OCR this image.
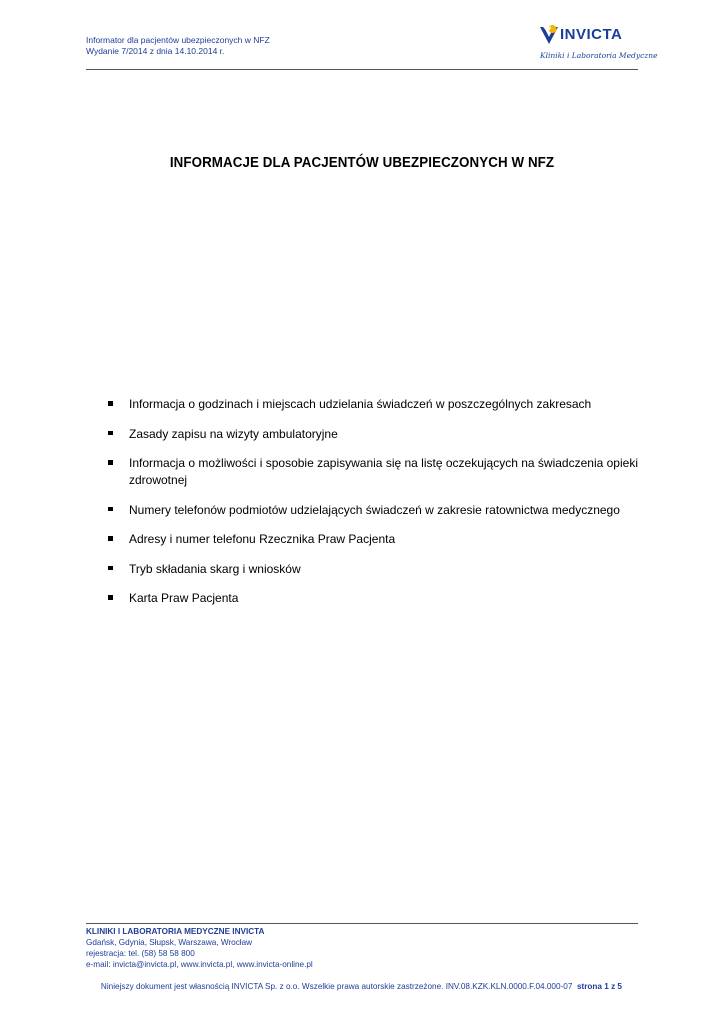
Informator dla pacjentów ubezpieczonych w NFZ
Wydanie 7/2014 z dnia 14.10.2014 r.
INVICTA
Kliniki i Laboratoria Medyczne
INFORMACJE DLA PACJENTÓW UBEZPIECZONYCH W NFZ
Informacja o godzinach i miejscach udzielania świadczeń w poszczególnych zakresach
Zasady zapisu na wizyty ambulatoryjne
Informacja o możliwości i sposobie zapisywania się na listę oczekujących na świadczenia opieki zdrowotnej
Numery telefonów podmiotów udzielających świadczeń w zakresie ratownictwa medycznego
Adresy i numer telefonu Rzecznika Praw Pacjenta
Tryb składania skarg i wniosków
Karta Praw Pacjenta
KLINIKI I LABORATORIA MEDYCZNE INVICTA
Gdańsk, Gdynia, Słupsk, Warszawa, Wrocław
rejestracja: tel. (58) 58 58 800
e-mail: invicta@invicta.pl, www.invicta.pl, www.invicta-online.pl
Niniejszy dokument jest własnością INVICTA Sp. z o.o. Wszelkie prawa autorskie zastrzeżone. INV.08.KZK.KLN.0000.F.04.000-07 strona 1 z 5
